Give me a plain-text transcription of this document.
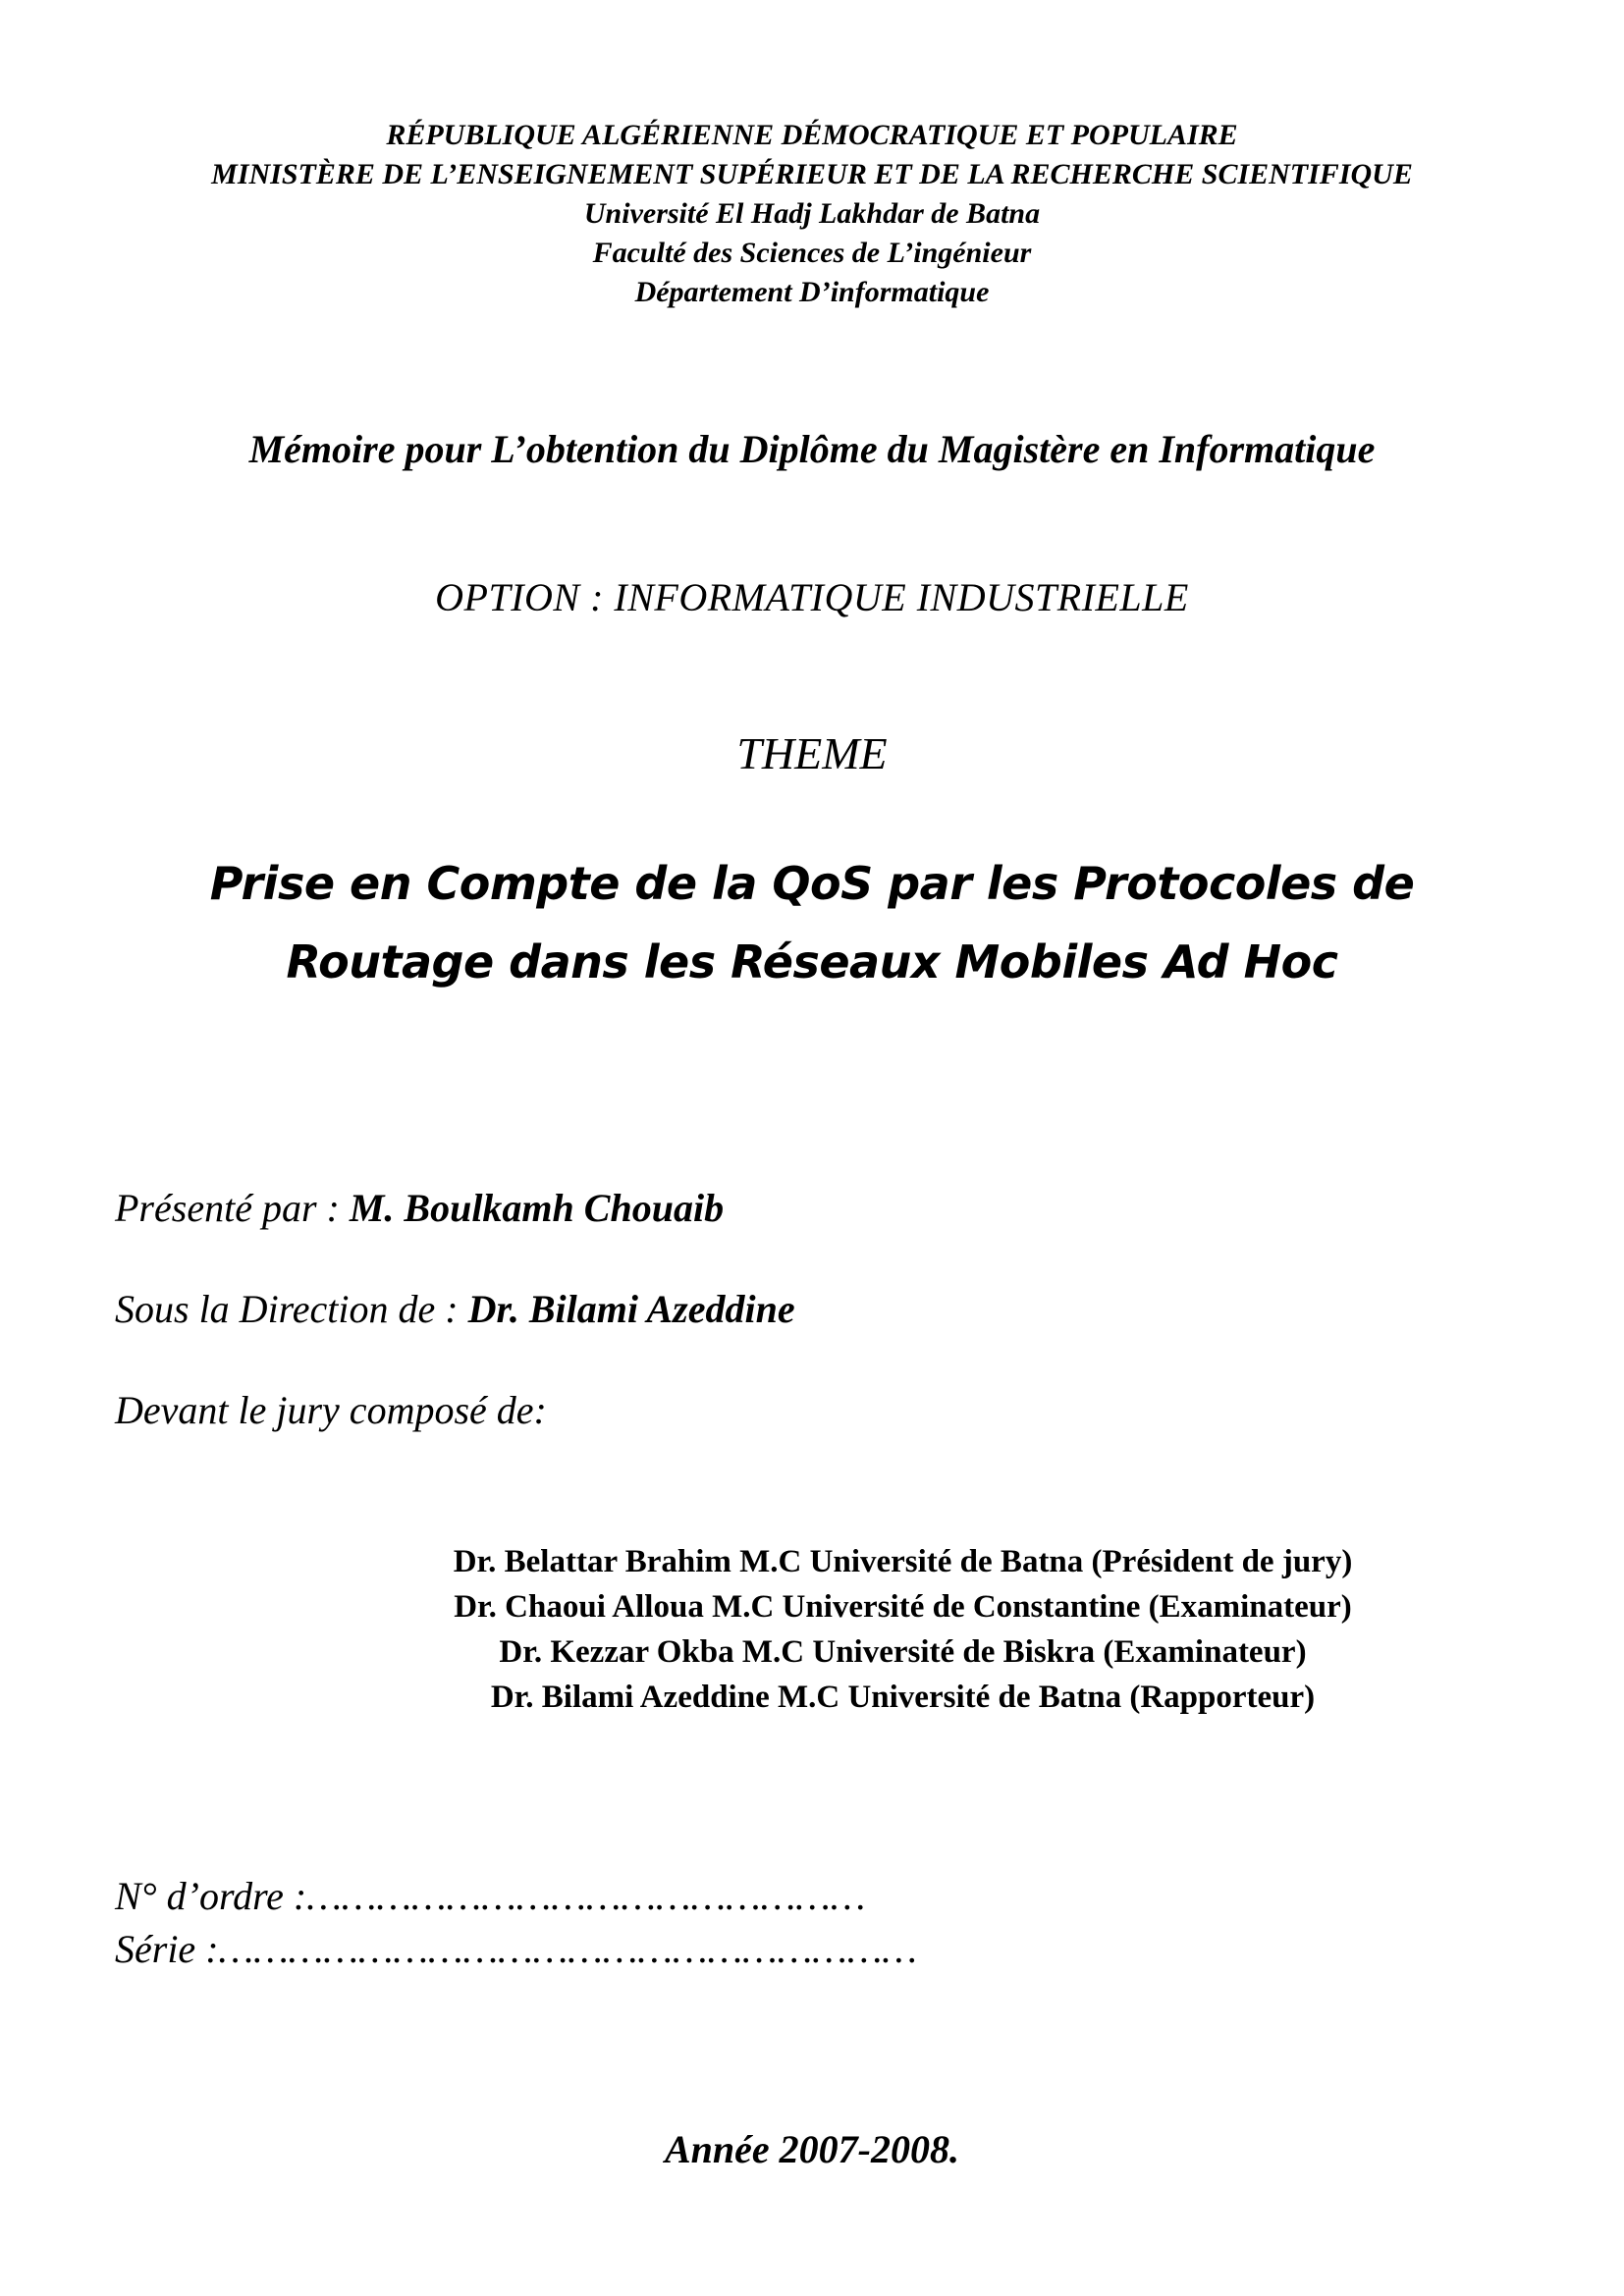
RÉPUBLIQUE ALGÉRIENNE DÉMOCRATIQUE ET POPULAIRE
MINISTÈRE DE L’ENSEIGNEMENT SUPÉRIEUR ET DE LA RECHERCHE SCIENTIFIQUE
Université El Hadj Lakhdar de Batna
Faculté des Sciences de L’ingénieur
Département D’informatique
Mémoire pour L’obtention du Diplôme du Magistère en Informatique
OPTION : INFORMATIQUE INDUSTRIELLE
THEME
Prise en Compte de la QoS par les Protocoles de
Routage dans les Réseaux Mobiles Ad Hoc
Présenté par : M. Boulkamh Chouaib
Sous la Direction de : Dr. Bilami Azeddine
Devant le jury composé de:
Dr. Belattar Brahim M.C Université de Batna (Président de jury)
Dr. Chaoui Alloua M.C Université de Constantine (Examinateur)
Dr. Kezzar Okba M.C Université de Biskra (Examinateur)
Dr. Bilami Azeddine M.C Université de Batna (Rapporteur)
N° d’ordre :…………………………………………
Série :……………………………………………………
Année 2007-2008.
